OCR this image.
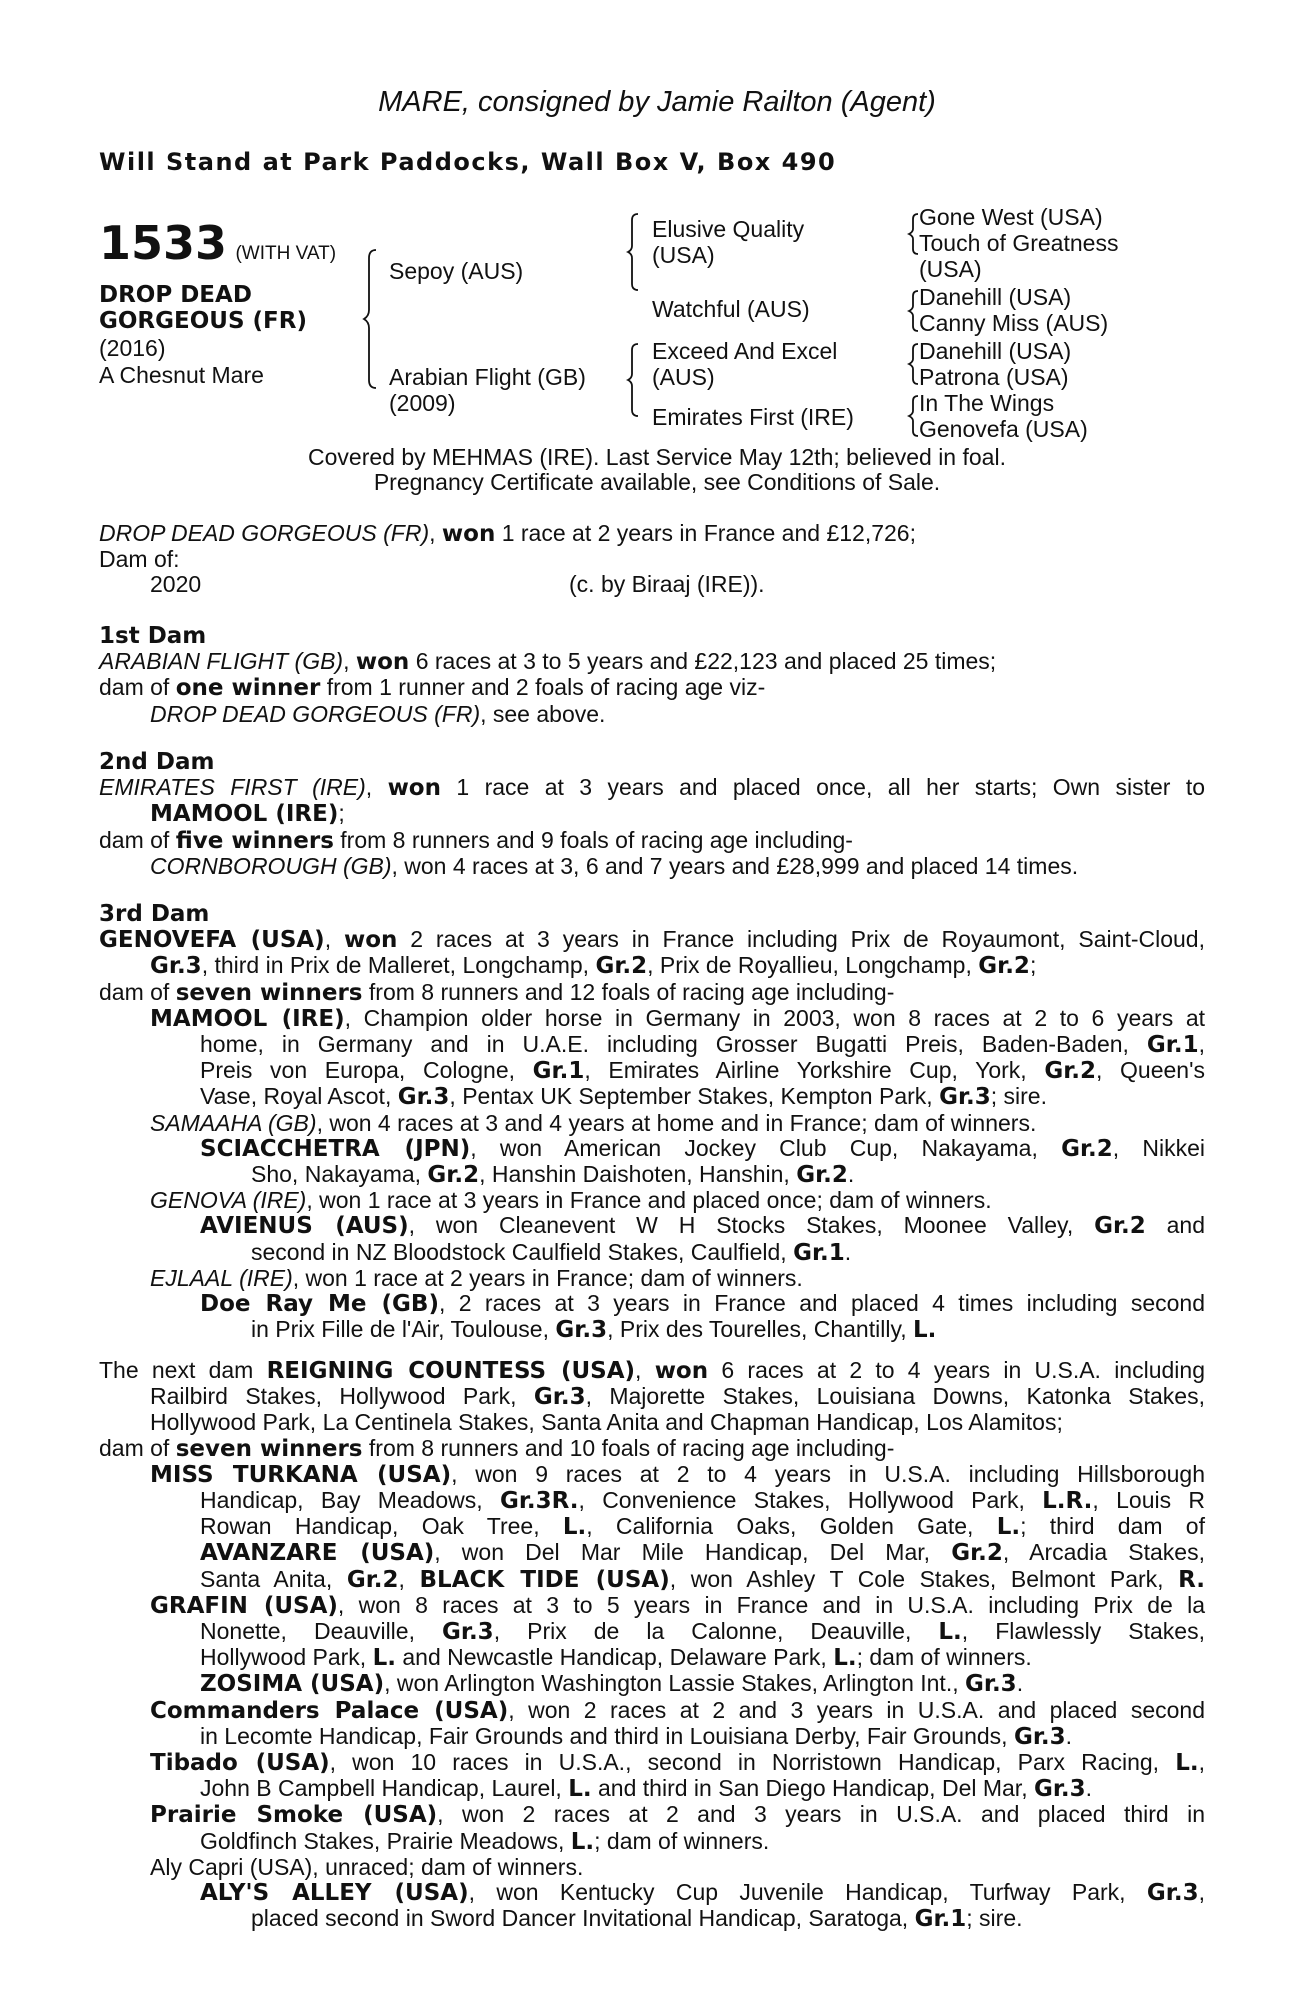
MARE, consigned by Jamie Railton (Agent)
Will Stand at Park Paddocks, Wall Box V, Box 490
1533 (WITH VAT)
DROP DEAD
GORGEOUS (FR)
(2016)
A Chesnut Mare
Sepoy (AUS)
Arabian Flight (GB)
(2009)
Elusive Quality
(USA)
Watchful (AUS)
Exceed And Excel
(AUS)
Emirates First (IRE)
Gone West (USA)
Touch of Greatness
(USA)
Danehill (USA)
Canny Miss (AUS)
Danehill (USA)
Patrona (USA)
In The Wings
Genovefa (USA)
Covered by MEHMAS (IRE). Last Service May 12th; believed in foal.
Pregnancy Certificate available, see Conditions of Sale.

DROP DEAD GORGEOUS (FR), won 1 race at 2 years in France and £12,726;

Dam of:

2020	(c. by Biraaj (IRE)).

1st Dam

ARABIAN FLIGHT (GB), won 6 races at 3 to 5 years and £22,123 and placed 25 times;

dam of one winner from 1 runner and 2 foals of racing age viz-

DROP DEAD GORGEOUS (FR), see above.

2nd Dam

EMIRATES FIRST (IRE), won 1 race at 3 years and placed once, all her starts; Own sister to

MAMOOL (IRE);

dam of five winners from 8 runners and 9 foals of racing age including-

CORNBOROUGH (GB), won 4 races at 3, 6 and 7 years and £28,999 and placed 14 times.

3rd Dam

GENOVEFA (USA), won 2 races at 3 years in France including Prix de Royaumont, Saint-Cloud,

Gr.3, third in Prix de Malleret, Longchamp, Gr.2, Prix de Royallieu, Longchamp, Gr.2;

dam of seven winners from 8 runners and 12 foals of racing age including-

MAMOOL (IRE), Champion older horse in Germany in 2003, won 8 races at 2 to 6 years at

home, in Germany and in U.A.E. including Grosser Bugatti Preis, Baden-Baden, Gr.1,

Preis von Europa, Cologne, Gr.1, Emirates Airline Yorkshire Cup, York, Gr.2, Queen's

Vase, Royal Ascot, Gr.3, Pentax UK September Stakes, Kempton Park, Gr.3; sire.

SAMAAHA (GB), won 4 races at 3 and 4 years at home and in France; dam of winners.

SCIACCHETRA (JPN), won American Jockey Club Cup, Nakayama, Gr.2, Nikkei

Sho, Nakayama, Gr.2, Hanshin Daishoten, Hanshin, Gr.2.

GENOVA (IRE), won 1 race at 3 years in France and placed once; dam of winners.

AVIENUS (AUS), won Cleanevent W H Stocks Stakes, Moonee Valley, Gr.2 and

second in NZ Bloodstock Caulfield Stakes, Caulfield, Gr.1.

EJLAAL (IRE), won 1 race at 2 years in France; dam of winners.

Doe Ray Me (GB), 2 races at 3 years in France and placed 4 times including second

in Prix Fille de l'Air, Toulouse, Gr.3, Prix des Tourelles, Chantilly, L.

The next dam REIGNING COUNTESS (USA), won 6 races at 2 to 4 years in U.S.A. including

Railbird Stakes, Hollywood Park, Gr.3, Majorette Stakes, Louisiana Downs, Katonka Stakes,

Hollywood Park, La Centinela Stakes, Santa Anita and Chapman Handicap, Los Alamitos;

dam of seven winners from 8 runners and 10 foals of racing age including-

MISS TURKANA (USA), won 9 races at 2 to 4 years in U.S.A. including Hillsborough

Handicap, Bay Meadows, Gr.3R., Convenience Stakes, Hollywood Park, L.R., Louis R

Rowan Handicap, Oak Tree, L., California Oaks, Golden Gate, L.; third dam of

AVANZARE (USA), won Del Mar Mile Handicap, Del Mar, Gr.2, Arcadia Stakes,

Santa Anita, Gr.2, BLACK TIDE (USA), won Ashley T Cole Stakes, Belmont Park, R.

GRAFIN (USA), won 8 races at 3 to 5 years in France and in U.S.A. including Prix de la

Nonette, Deauville, Gr.3, Prix de la Calonne, Deauville, L., Flawlessly Stakes,

Hollywood Park, L. and Newcastle Handicap, Delaware Park, L.; dam of winners.

ZOSIMA (USA), won Arlington Washington Lassie Stakes, Arlington Int., Gr.3.

Commanders Palace (USA), won 2 races at 2 and 3 years in U.S.A. and placed second

in Lecomte Handicap, Fair Grounds and third in Louisiana Derby, Fair Grounds, Gr.3.

Tibado (USA), won 10 races in U.S.A., second in Norristown Handicap, Parx Racing, L.,

John B Campbell Handicap, Laurel, L. and third in San Diego Handicap, Del Mar, Gr.3.

Prairie Smoke (USA), won 2 races at 2 and 3 years in U.S.A. and placed third in

Goldfinch Stakes, Prairie Meadows, L.; dam of winners.

Aly Capri (USA), unraced; dam of winners.

ALY'S ALLEY (USA), won Kentucky Cup Juvenile Handicap, Turfway Park, Gr.3,

placed second in Sword Dancer Invitational Handicap, Saratoga, Gr.1; sire.
